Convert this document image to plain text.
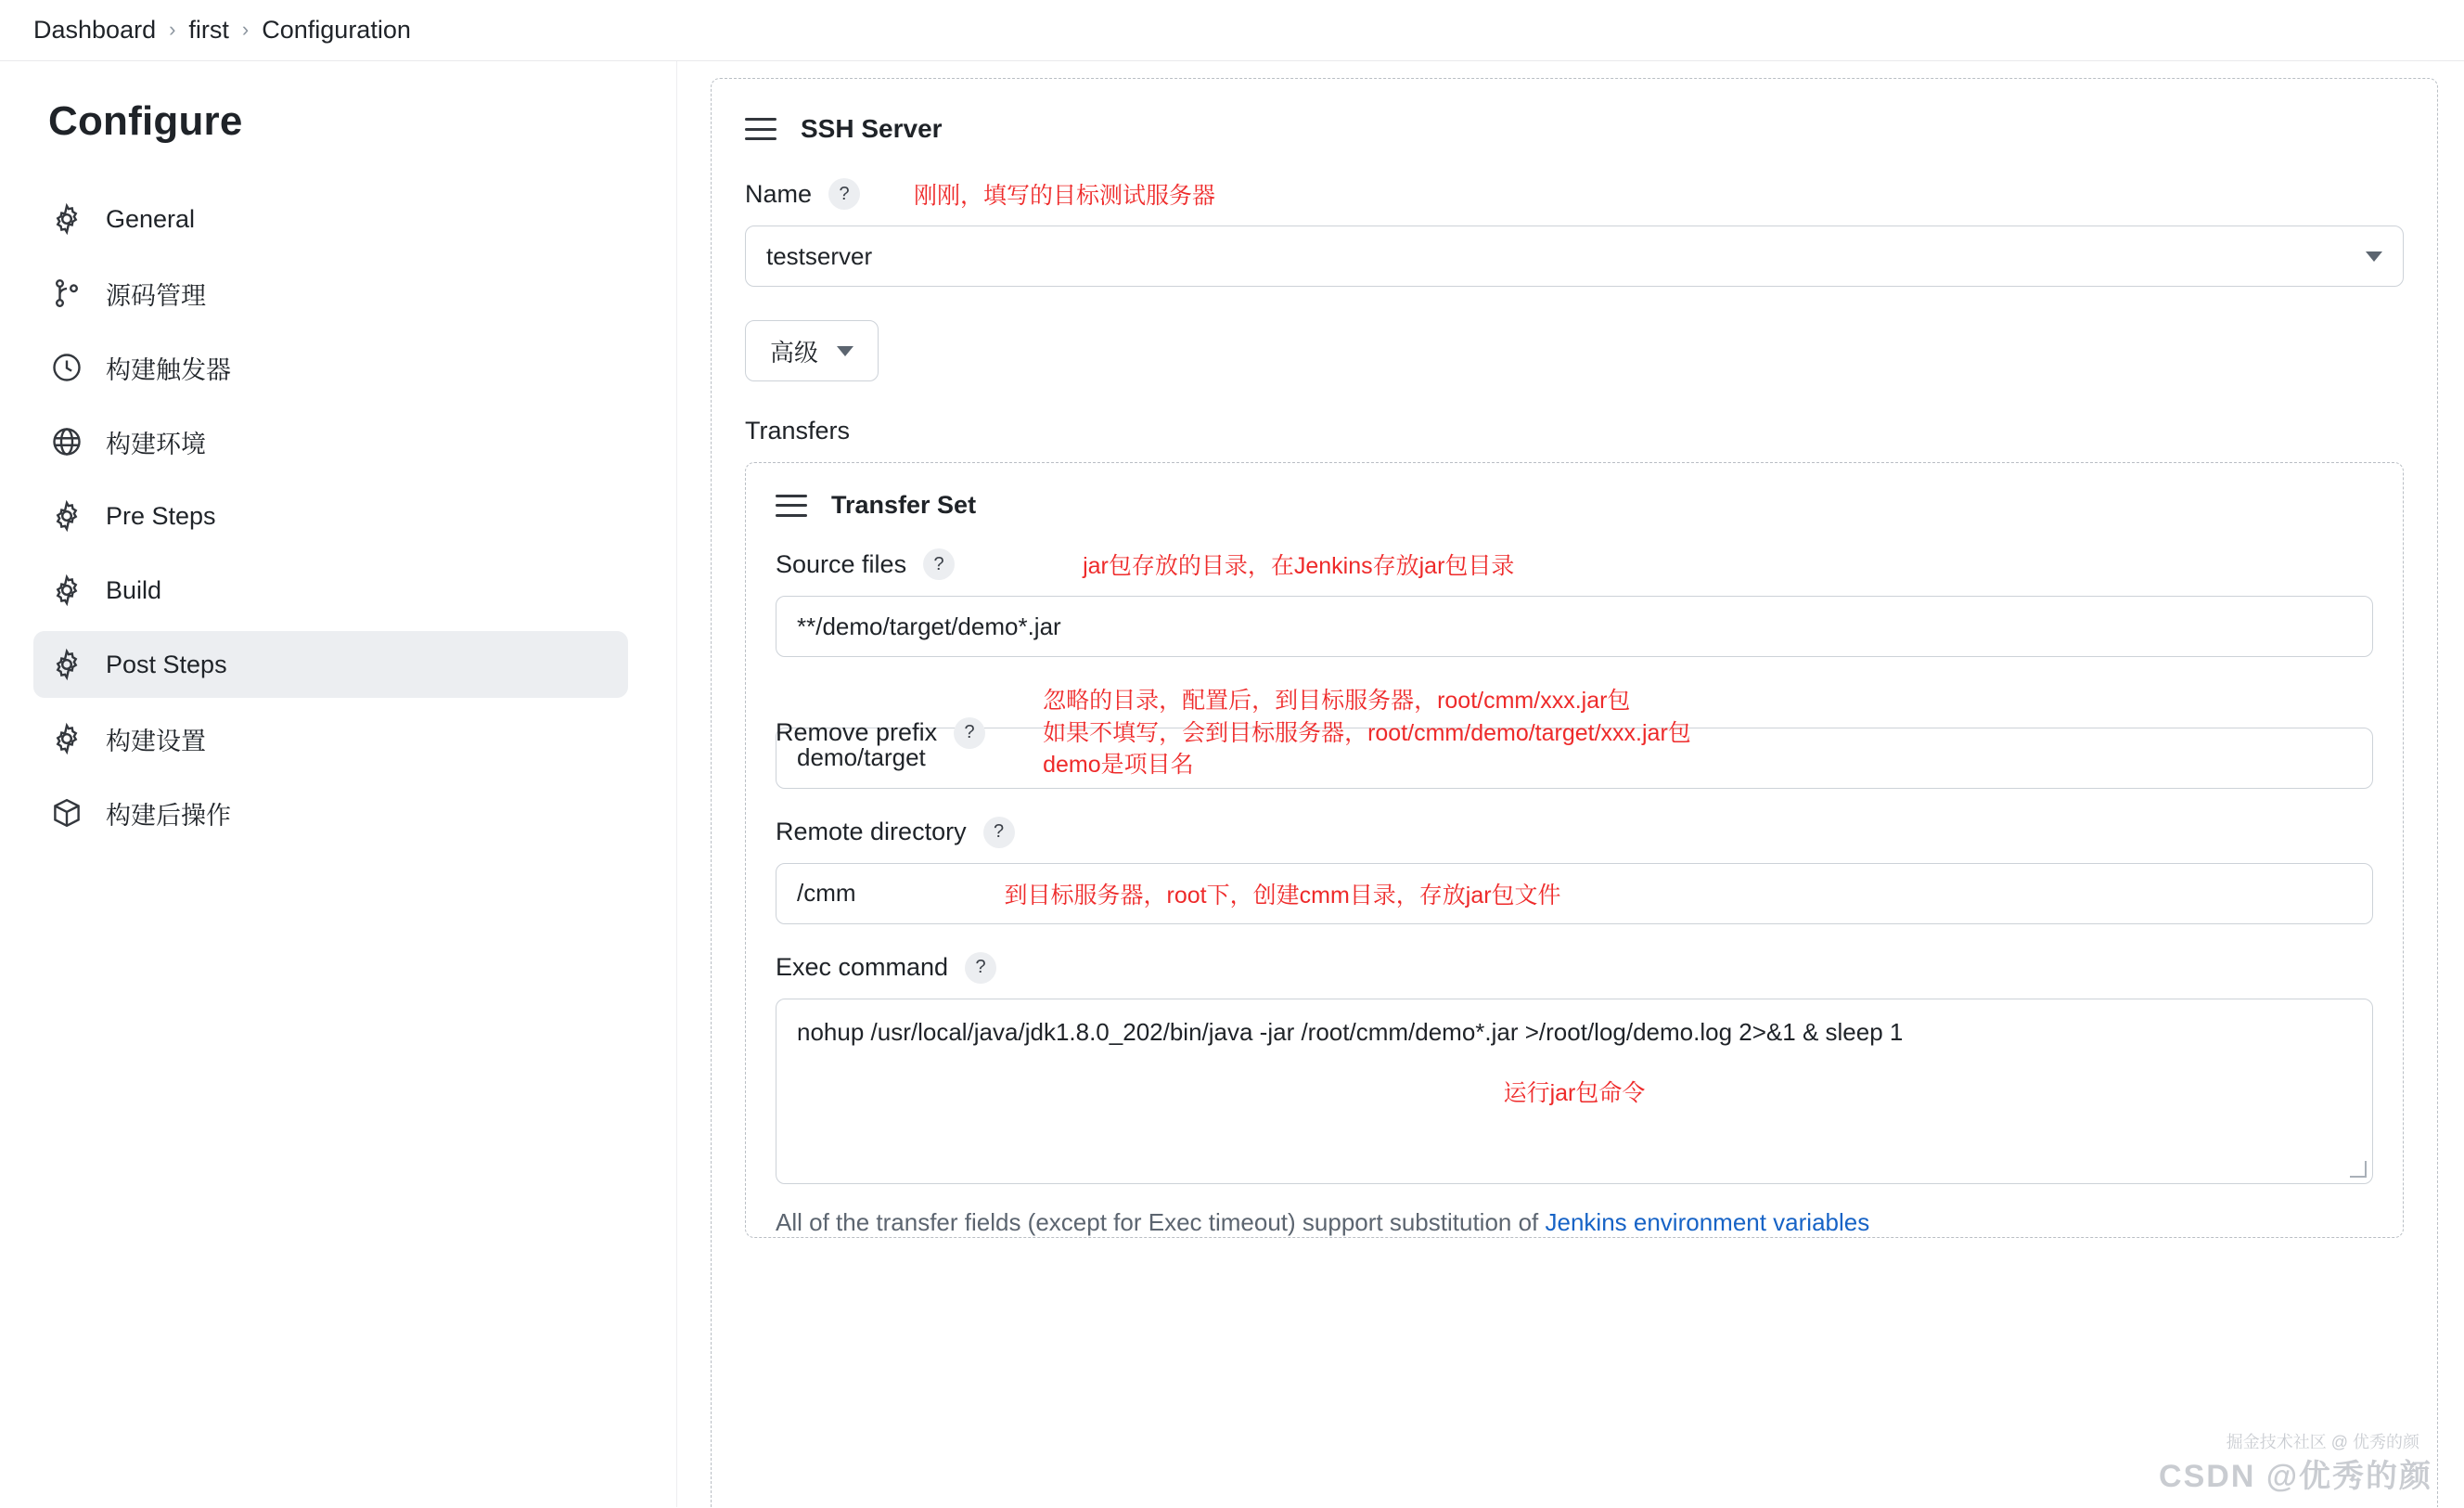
Dashboard › first › Configuration
Configure
General
源码管理
构建触发器
构建环境
Pre Steps
Build
Post Steps
构建设置
构建后操作
SSH Server
Name	?	刚刚，填写的目标测试服务器
testserver
高级
Transfers
Transfer Set
Source files	?	jar包存放的目录，在Jenkins存放jar包目录
**/demo/target/demo*.jar
Remove prefix	?
忽略的目录，配置后，到目标服务器，root/cmm/xxx.jar包
如果不填写，会到目标服务器，root/cmm/demo/target/xxx.jar包
demo是项目名
demo/target
Remote directory	?
/cmm	到目标服务器，root下，创建cmm目录，存放jar包文件
Exec command	?
nohup /usr/local/java/jdk1.8.0_202/bin/java -jar /root/cmm/demo*.jar >/root/log/demo.log 2>&1 & sleep 1
运行jar包命令
All of the transfer fields (except for Exec timeout) support substitution of Jenkins environment variables
掘金技术社区 @ 优秀的颜
CSDN @优秀的颜
